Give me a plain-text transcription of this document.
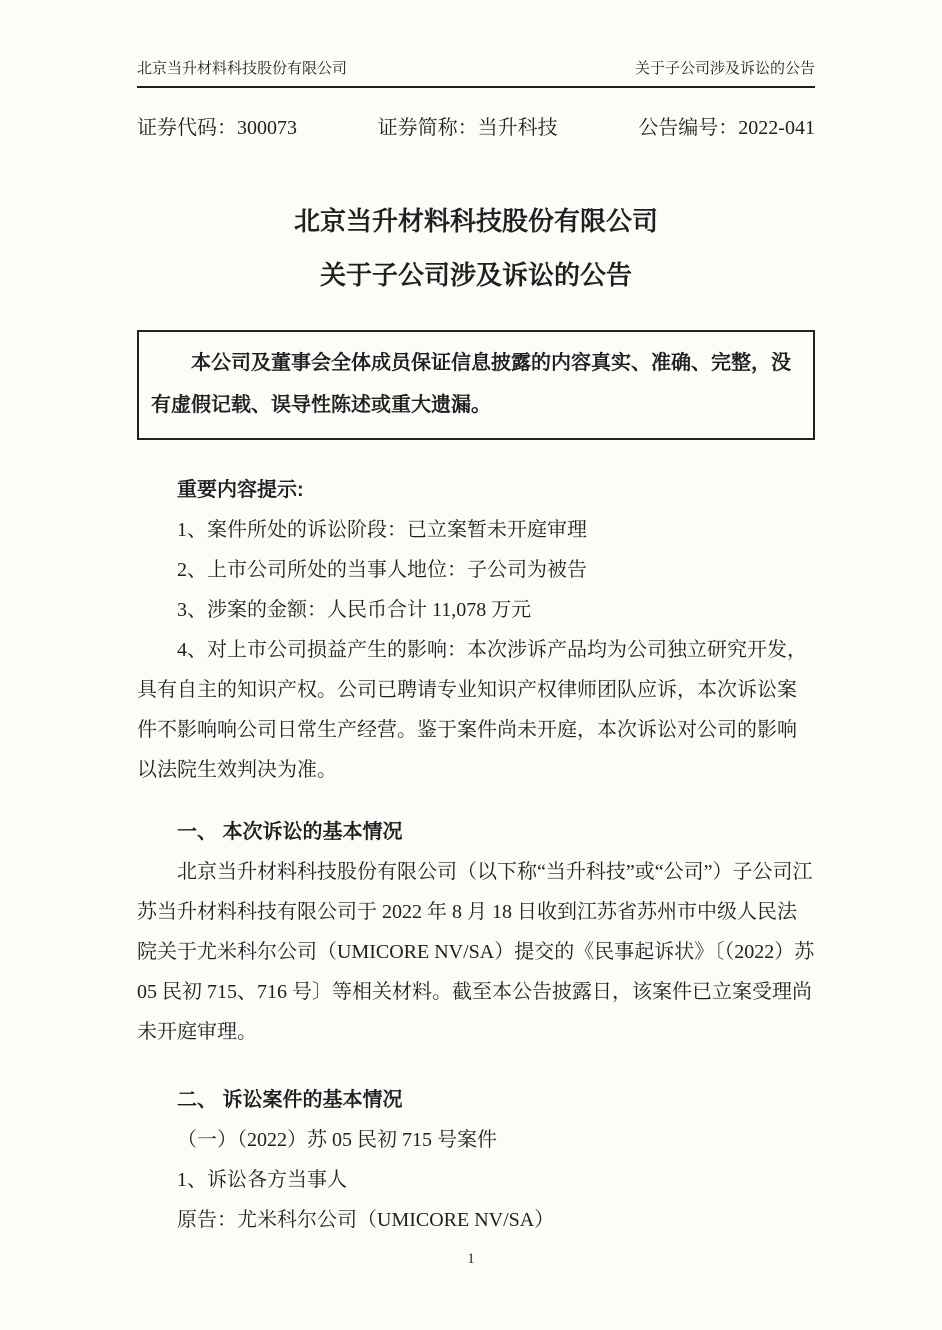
北京当升材料科技股份有限公司	关于子公司涉及诉讼的公告
证券代码：300073	证券简称：当升科技	公告编号：2022-041
北京当升材料科技股份有限公司
关于子公司涉及诉讼的公告

本公司及董事会全体成员保证信息披露的内容真实、准确、完整，没有虚假记载、误导性陈述或重大遗漏。

重要内容提示:

1、案件所处的诉讼阶段：已立案暂未开庭审理

2、上市公司所处的当事人地位：子公司为被告

3、涉案的金额：人民币合计 11,078 万元

4、对上市公司损益产生的影响：本次涉诉产品均为公司独立研究开发，具有自主的知识产权。公司已聘请专业知识产权律师团队应诉，本次诉讼案件不影响响公司日常生产经营。鉴于案件尚未开庭，本次诉讼对公司的影响以法院生效判决为准。

一、 本次诉讼的基本情况

北京当升材料科技股份有限公司（以下称“当升科技”或“公司”）子公司江苏当升材料科技有限公司于 2022 年 8 月 18 日收到江苏省苏州市中级人民法院关于尤米科尔公司（UMICORE NV/SA）提交的《民事起诉状》〔（2022）苏 05 民初 715、716 号〕等相关材料。截至本公告披露日，该案件已立案受理尚未开庭审理。

二、 诉讼案件的基本情况

（一）（2022）苏 05 民初 715 号案件

1、诉讼各方当事人

原告：尤米科尔公司（UMICORE NV/SA）

1
